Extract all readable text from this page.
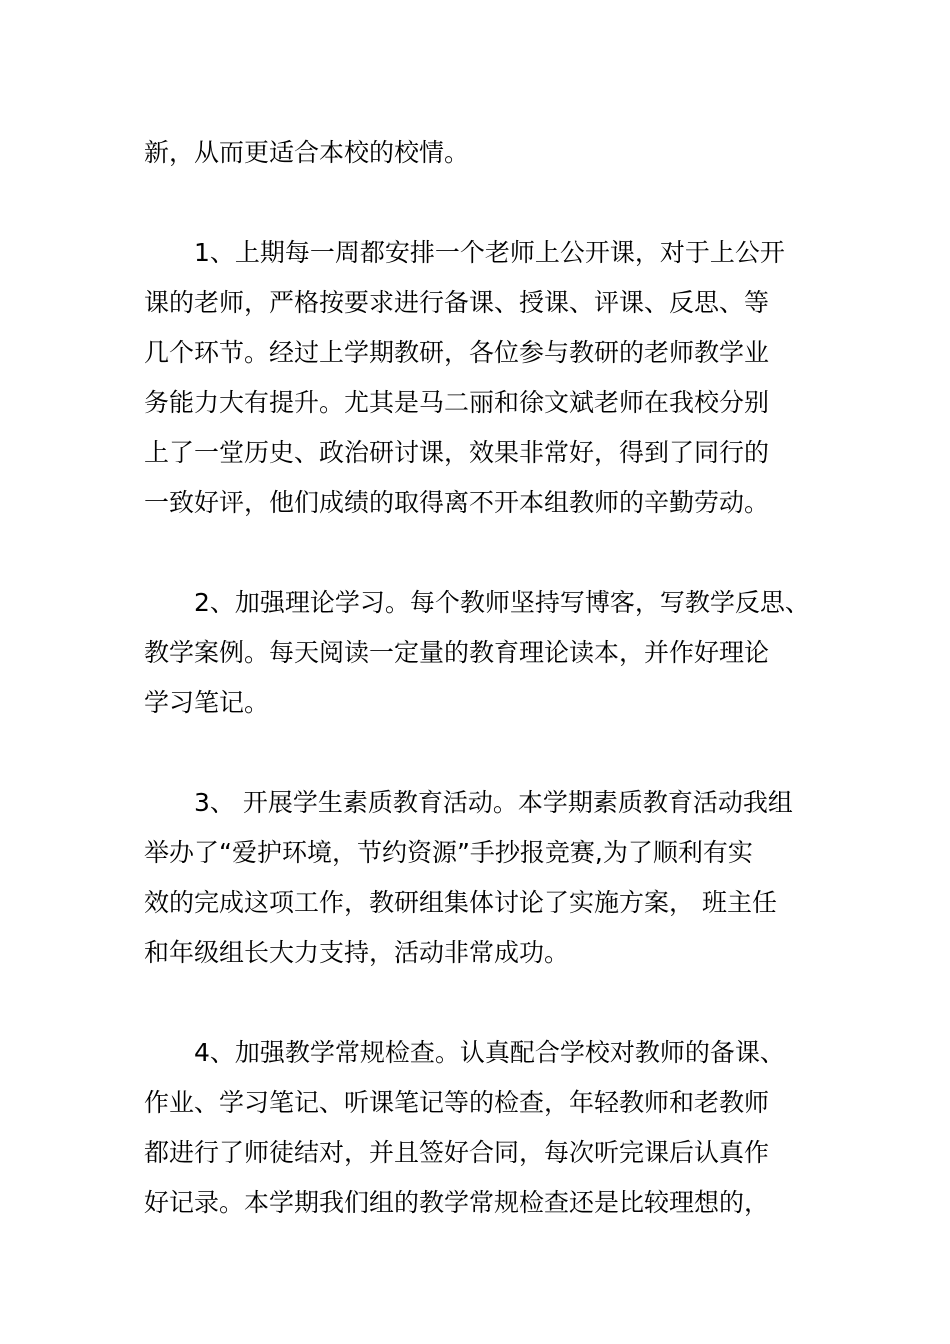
新，从而更适合本校的校情。
1、上期每一周都安排一个老师上公开课，对于上公开
课的老师，严格按要求进行备课、授课、评课、反思、等
几个环节。经过上学期教研，各位参与教研的老师教学业
务能力大有提升。尤其是马二丽和徐文斌老师在我校分别
上了一堂历史、政治研讨课，效果非常好，得到了同行的
一致好评，他们成绩的取得离不开本组教师的辛勤劳动。
2、加强理论学习。每个教师坚持写博客，写教学反思、
教学案例。每天阅读一定量的教育理论读本，并作好理论
学习笔记。
3、 开展学生素质教育活动。本学期素质教育活动我组
举办了“爱护环境，节约资源”手抄报竞赛,为了顺利有实
效的完成这项工作，教研组集体讨论了实施方案， 班主任
和年级组长大力支持，活动非常成功。
4、加强教学常规检查。认真配合学校对教师的备课、
作业、学习笔记、听课笔记等的检查，年轻教师和老教师
都进行了师徒结对，并且签好合同，每次听完课后认真作
好记录。本学期我们组的教学常规检查还是比较理想的，
